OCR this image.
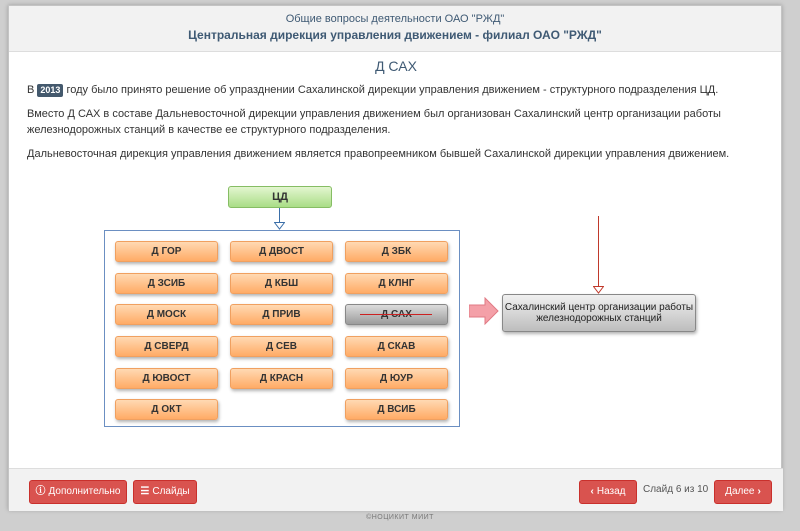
Общие вопросы деятельности ОАО "РЖД"
Центральная дирекция управления движением - филиал ОАО "РЖД"
Д САХ
В 2013 году было принято решение об упразднении Сахалинской дирекции управления движением - структурного подразделения ЦД.
Вместо Д САХ в составе Дальневосточной дирекции управления движением был организован Сахалинский центр организации работы железнодорожных станций в качестве ее структурного подразделения.
Дальневосточная дирекция управления движением является правопреемником бывшей Сахалинской дирекции управления движением.
ЦД
Д ГОР
Д ЗСИБ
Д МОСК
Д СВЕРД
Д ЮВОСТ
Д ОКТ
Д ДВОСТ
Д КБШ
Д ПРИВ
Д СЕВ
Д КРАСН
Д ЗБК
Д КЛНГ
Д СКАВ
Д ЮУР
Д ВСИБ
Сахалинский центр организации работы железнодорожных станций
ⓘ Дополнительно	☰ Слайды	‹ Назад	Слайд 6 из 10	Далее ›
©НОЦИКИТ МИИТ
